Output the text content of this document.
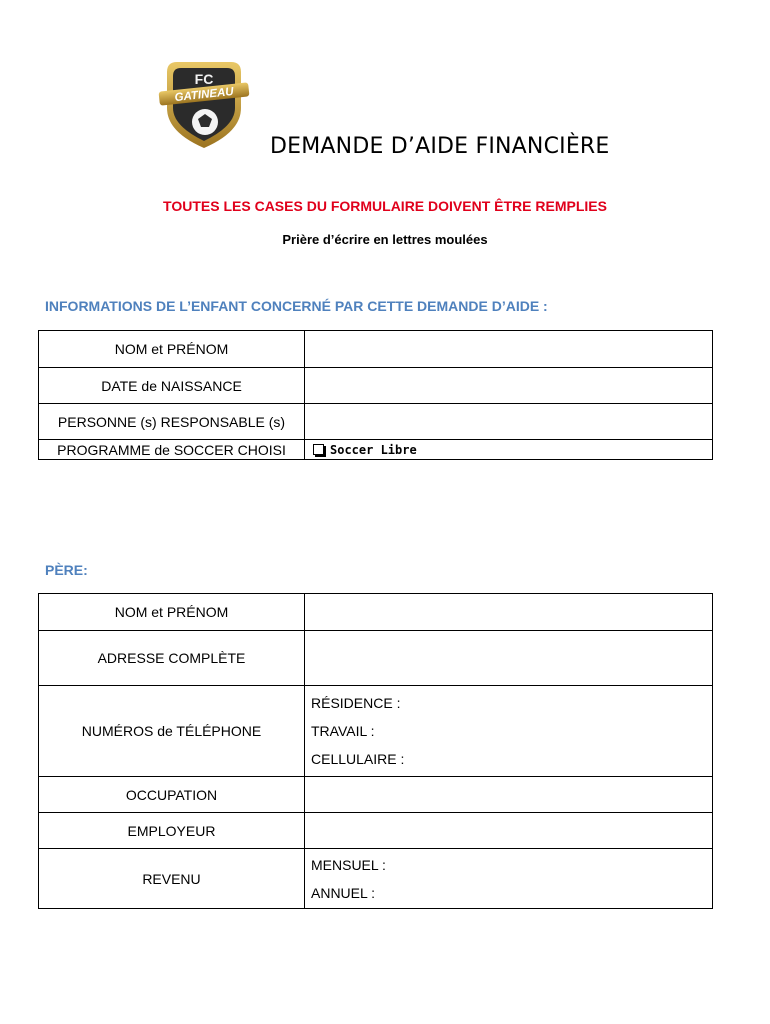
FC
GATINEAU
DEMANDE D’AIDE FINANCIÈRE
TOUTES LES CASES DU FORMULAIRE DOIVENT ÊTRE REMPLIES
Prière d’écrire en lettres moulées
INFORMATIONS DE L’ENFANT CONCERNÉ PAR CETTE DEMANDE D’AIDE :
NOM et PRÉNOM	
DATE de NAISSANCE	
PERSONNE (s) RESPONSABLE (s)	
PROGRAMME de SOCCER CHOISI	Soccer Libre
PÈRE:
NOM et PRÉNOM	
ADRESSE COMPLÈTE	
NUMÉROS de TÉLÉPHONE	RÉSIDENCE :
TRAVAIL :
CELLULAIRE :

OCCUPATION	
EMPLOYEUR	
REVENU	MENSUEL :
ANNUEL :
